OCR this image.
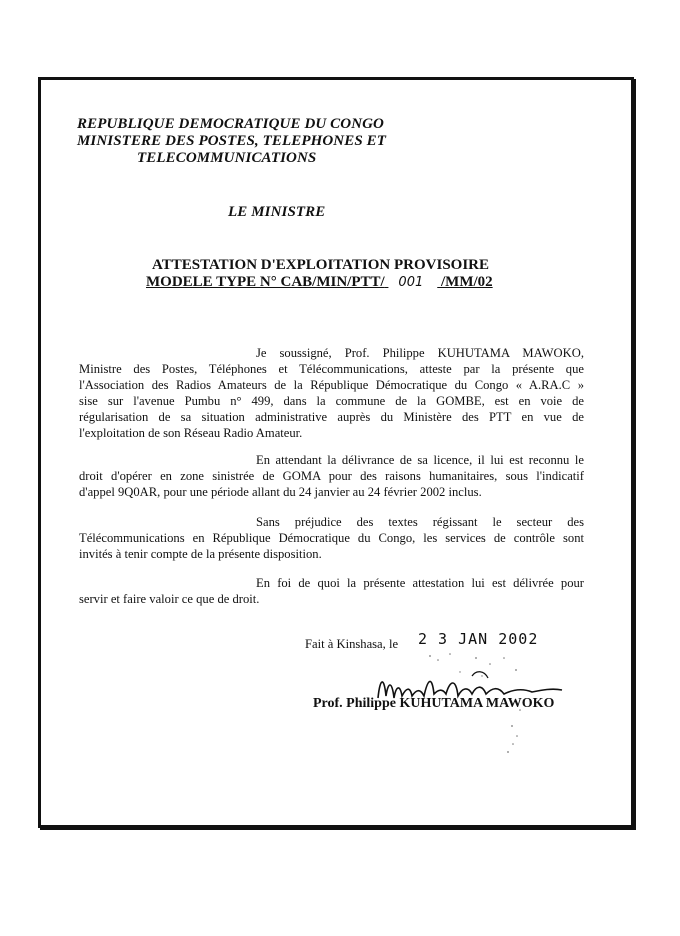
REPUBLIQUE DEMOCRATIQUE DU CONGO
MINISTERE DES POSTES, TELEPHONES ET
TELECOMMUNICATIONS
LE MINISTRE
ATTESTATION D'EXPLOITATION PROVISOIRE
MODELE TYPE N° CAB/MIN/PTT/ 001 /MM/02
Je soussigné, Prof. Philippe KUHUTAMA MAWOKO,
Ministre des Postes, Téléphones et Télécommunications, atteste par la présente que
l'Association des Radios Amateurs de la République Démocratique du Congo « A.RA.C »
sise sur l'avenue Pumbu n° 499, dans la commune de la GOMBE, est en voie de
régularisation de sa situation administrative auprès du Ministère des PTT en vue de
l'exploitation de son Réseau Radio Amateur.
En attendant la délivrance de sa licence, il lui est reconnu le
droit d'opérer en zone sinistrée de GOMA pour des raisons humanitaires, sous l'indicatif
d'appel 9Q0AR, pour une période allant du 24 janvier au 24 février 2002 inclus.
Sans préjudice des textes régissant le secteur des
Télécommunications en République Démocratique du Congo, les services de contrôle sont
invités à tenir compte de la présente disposition.
En foi de quoi la présente attestation lui est délivrée pour
servir et faire valoir ce que de droit.
Fait à Kinshasa, le 2 3 JAN 2002
Prof. Philippe KUHUTAMA MAWOKO
